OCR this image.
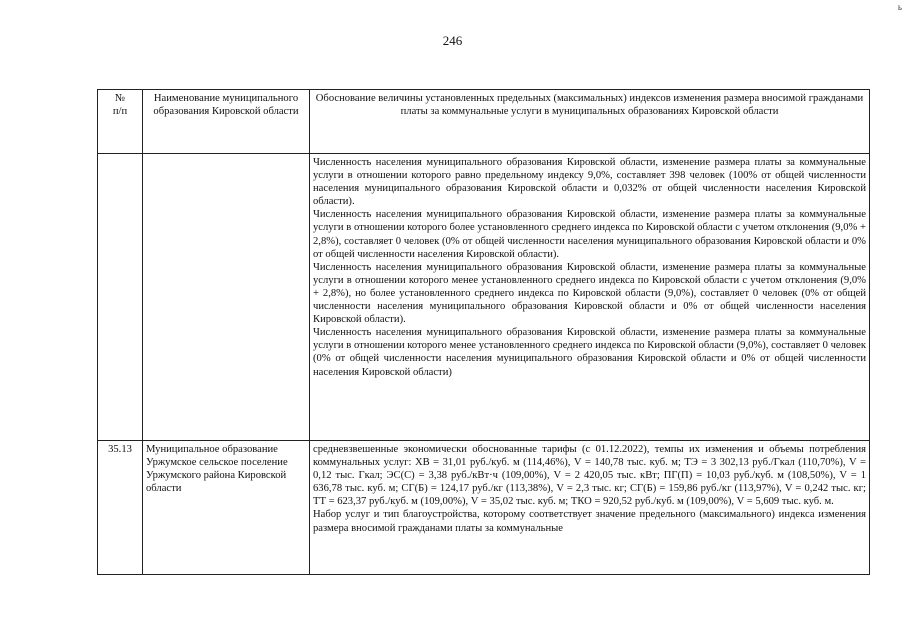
246
ь
№
п/п	Наименование муниципального образования Кировской области	Обоснование величины установленных предельных (максимальных) индексов изменения размера вносимой гражданами платы за коммунальные услуги в муниципальных образованиях Кировской области

		Численность населения муниципального образования Кировской области, изменение размера платы за коммунальные услуги в отношении которого равно предельному индексу 9,0%, составляет 398 человек (100% от общей численности населения муниципального образования Кировской области и 0,032% от общей численности населения Кировской области).
Численность населения муниципального образования Кировской области, изменение размера платы за коммунальные услуги в отношении которого более установленного среднего индекса по Кировской области с учетом отклонения (9,0% + 2,8%), составляет 0 человек (0% от общей численности населения муниципального образования Кировской области и 0% от общей численности населения Кировской области).
Численность населения муниципального образования Кировской области, изменение размера платы за коммунальные услуги в отношении которого менее установленного среднего индекса по Кировской области с учетом отклонения (9,0% + 2,8%), но более установленного среднего индекса по Кировской области (9,0%), составляет 0 человек (0% от общей численности населения муниципального образования Кировской области и 0% от общей численности населения Кировской области).
Численность населения муниципального образования Кировской области, изменение размера платы за коммунальные услуги в отношении которого менее установленного среднего индекса по Кировской области (9,0%), составляет 0 человек (0% от общей численности населения муниципального образования Кировской области и 0% от общей численности населения Кировской области)

35.13	Муниципальное образование Уржумское сельское поселение Уржумского района Кировской области	средневзвешенные экономически обоснованные тарифы (с 01.12.2022), темпы их изменения и объемы потребления коммунальных услуг: ХВ = 31,01 руб./куб. м (114,46%), V = 140,78 тыс. куб. м; ТЭ = 3 302,13 руб./Гкал (110,70%), V = 0,12 тыс. Гкал; ЭС(С) = 3,38 руб./кВт·ч (109,00%), V = 2 420,05 тыс. кВт; ПГ(П) = 10,03 руб./куб. м (108,50%), V = 1 636,78 тыс. куб. м; СГ(Б) = 124,17 руб./кг (113,38%), V = 2,3 тыс. кг; СГ(Б) = 159,86 руб./кг (113,97%), V = 0,242 тыс. кг; ТТ = 623,37 руб./куб. м (109,00%), V = 35,02 тыс. куб. м; ТКО = 920,52 руб./куб. м (109,00%), V = 5,609 тыс. куб. м.
Набор услуг и тип благоустройства, которому соответствует значение предельного (максимального) индекса изменения размера вносимой гражданами платы за коммунальные
